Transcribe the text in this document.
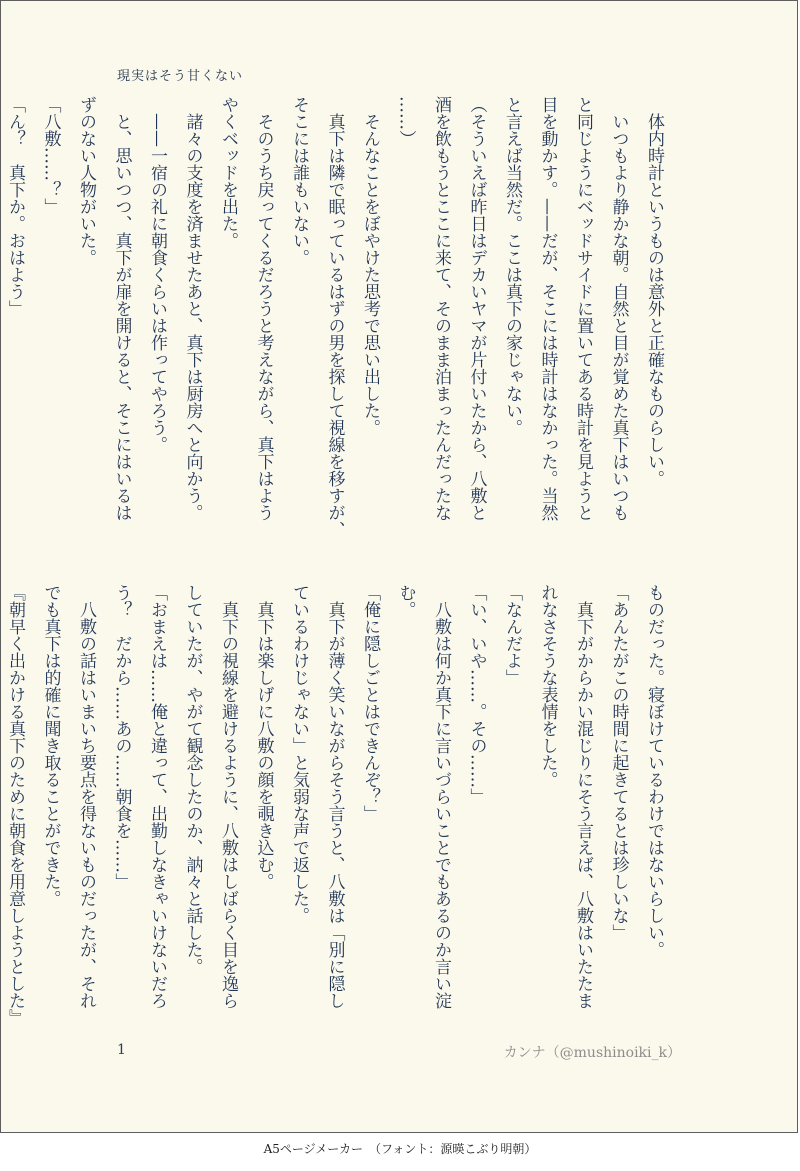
現実はそう甘くない

　体内時計というものは意外と正確なものらしい。

　いつもより静かな朝。自然と目が覚めた真下はいつも

と同じようにベッドサイドに置いてある時計を見ようと

目を動かす。——だが、そこには時計はなかった。当然

と言えば当然だ。ここは真下の家じゃない。

（そういえば昨日はデカいヤマが片付いたから、八敷と

酒を飲もうとここに来て、そのまま泊まったんだったな

……）

　そんなことをぼやけた思考で思い出した。

　真下は隣で眠っているはずの男を探して視線を移すが、

そこには誰もいない。

　そのうち戻ってくるだろうと考えながら、真下はよう

やくベッドを出た。

　諸々の支度を済ませたあと、真下は厨房へと向かう。

　——一宿の礼に朝食くらいは作ってやろう。

　と、思いつつ、真下が扉を開けると、そこにはいるは

ずのない人物がいた。

「八敷……？」

「ん？　真下か。おはよう」

ものだった。寝ぼけているわけではないらしい。

「あんたがこの時間に起きてるとは珍しいな」

　真下がからかい混じりにそう言えば、八敷はいたたま

れなさそうな表情をした。

「なんだよ」

「い、いや……。その……」

　八敷は何か真下に言いづらいことでもあるのか言い淀

む。

「俺に隠しごとはできんぞ？」

　真下が薄く笑いながらそう言うと、八敷は「別に隠し

ているわけじゃない」と気弱な声で返した。

　真下は楽しげに八敷の顔を覗き込む。

　真下の視線を避けるように、八敷はしばらく目を逸ら

していたが、やがて観念したのか、訥々と話した。

「おまえは……俺と違って、出勤しなきゃいけないだろ

う？　だから……あの……朝食を……」

　八敷の話はいまいち要点を得ないものだったが、それ

でも真下は的確に聞き取ることができた。

『朝早く出かける真下のために朝食を用意しようとした』

1	カンナ（@mushinoiki_k）
A5ページメーカー　（フォント：源暎こぶり明朝）
